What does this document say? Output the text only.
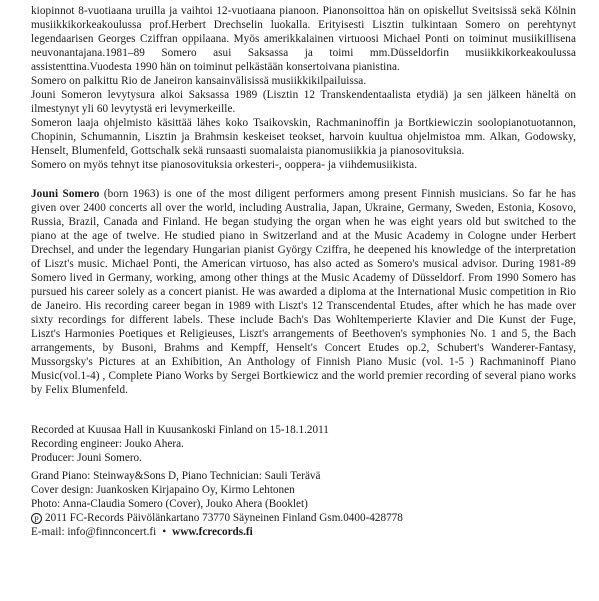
kiopinnot 8-vuotiaana uruilla ja vaihtoi 12-vuotiaana pianoon. Pianonsoittoa hän on opiskellut Sveitsissä sekä Kölnin musiikkikorkeakoulussa prof.Herbert Drechselin luokalla. Erityisesti Lisztin tulkintaan Somero on perehtynyt legendaarisen Georges Cziffran oppilaana. Myös amerikkalainen virtuoosi Michael Ponti on toiminut musiikillisena neuvonantajana.1981–89 Somero asui Saksassa ja toimi mm.Düsseldorfin musiikkikorkeakoulussa assistenttina.Vuodesta 1990 hän on toiminut pelkästään konsertoivana pianistina.

Somero on palkittu Rio de Janeiron kansainvälisissä musiikkikilpailuissa.

Jouni Someron levytysura alkoi Saksassa 1989 (Lisztin 12 Transkendentaalista etydiä) ja sen jälkeen häneltä on ilmestynyt yli 60 levytystä eri levymerkeille.

Someron laaja ohjelmisto käsittää lähes koko Tsaikovskin, Rachmaninoffin ja Bortkiewiczin soolopianotuotannon, Chopinin, Schumannin, Lisztin ja Brahmsin keskeiset teokset, harvoin kuultua ohjelmistoa mm. Alkan, Godowsky, Henselt, Blumenfeld, Gottschalk sekä runsaasti suomalaista pianomusiikkia ja pianosovituksia.

Somero on myös tehnyt itse pianosovituksia orkesteri-, ooppera- ja viihdemusiikista.

Jouni Somero (born 1963) is one of the most diligent performers among present Finnish musicians. So far he has given over 2400 concerts all over the world, including Australia, Japan, Ukraine, Germany, Sweden, Estonia, Kosovo, Russia, Brazil, Canada and Finland. He began studying the organ when he was eight years old but switched to the piano at the age of twelve. He studied piano in Switzerland and at the Music Academy in Cologne under Herbert Drechsel, and under the legendary Hungarian pianist György Cziffra, he deepened his knowledge of the interpretation of Liszt's music. Michael Ponti, the American virtuoso, has also acted as Somero's musical advisor. During 1981-89 Somero lived in Germany, working, among other things at the Music Academy of Düsseldorf. From 1990 Somero has pursued his career solely as a concert pianist. He was awarded a diploma at the International Music competition in Rio de Janeiro. His recording career began in 1989 with Liszt's 12 Transcendental Etudes, after which he has made over sixty recordings for different labels. These include Bach's Das Wohltemperierte Klavier and Die Kunst der Fuge, Liszt's Harmonies Poetiques et Religieuses, Liszt's arrangements of Beethoven's symphonies No. 1 and 5, the Bach arrangements, by Busoni, Brahms and Kempff, Henselt's Concert Etudes op.2, Schubert's Wanderer-Fantasy, Mussorgsky's Pictures at an Exhibition, An Anthology of Finnish Piano Music (vol. 1-5 ) Rachmaninoff Piano Music(vol.1-4) , Complete Piano Works by Sergei Bortkiewicz and the world premier recording of several piano works by Felix Blumenfeld.
Recorded at Kuusaa Hall in Kuusankoski Finland on 15-18.1.2011
Recording engineer: Jouko Ahera.
Producer: Jouni Somero.
Grand Piano: Steinway&Sons D, Piano Technician: Sauli Terävä
Cover design: Juankosken Kirjapaino Oy, Kirmo Lehtonen
Photo: Anna-Claudia Somero (Cover), Jouko Ahera (Booklet)
P 2011 FC-Records Päivölänkartano 73770 Säyneinen Finland Gsm.0400-428778
E-mail: info@finnconcert.fi • www.fcrecords.fi
